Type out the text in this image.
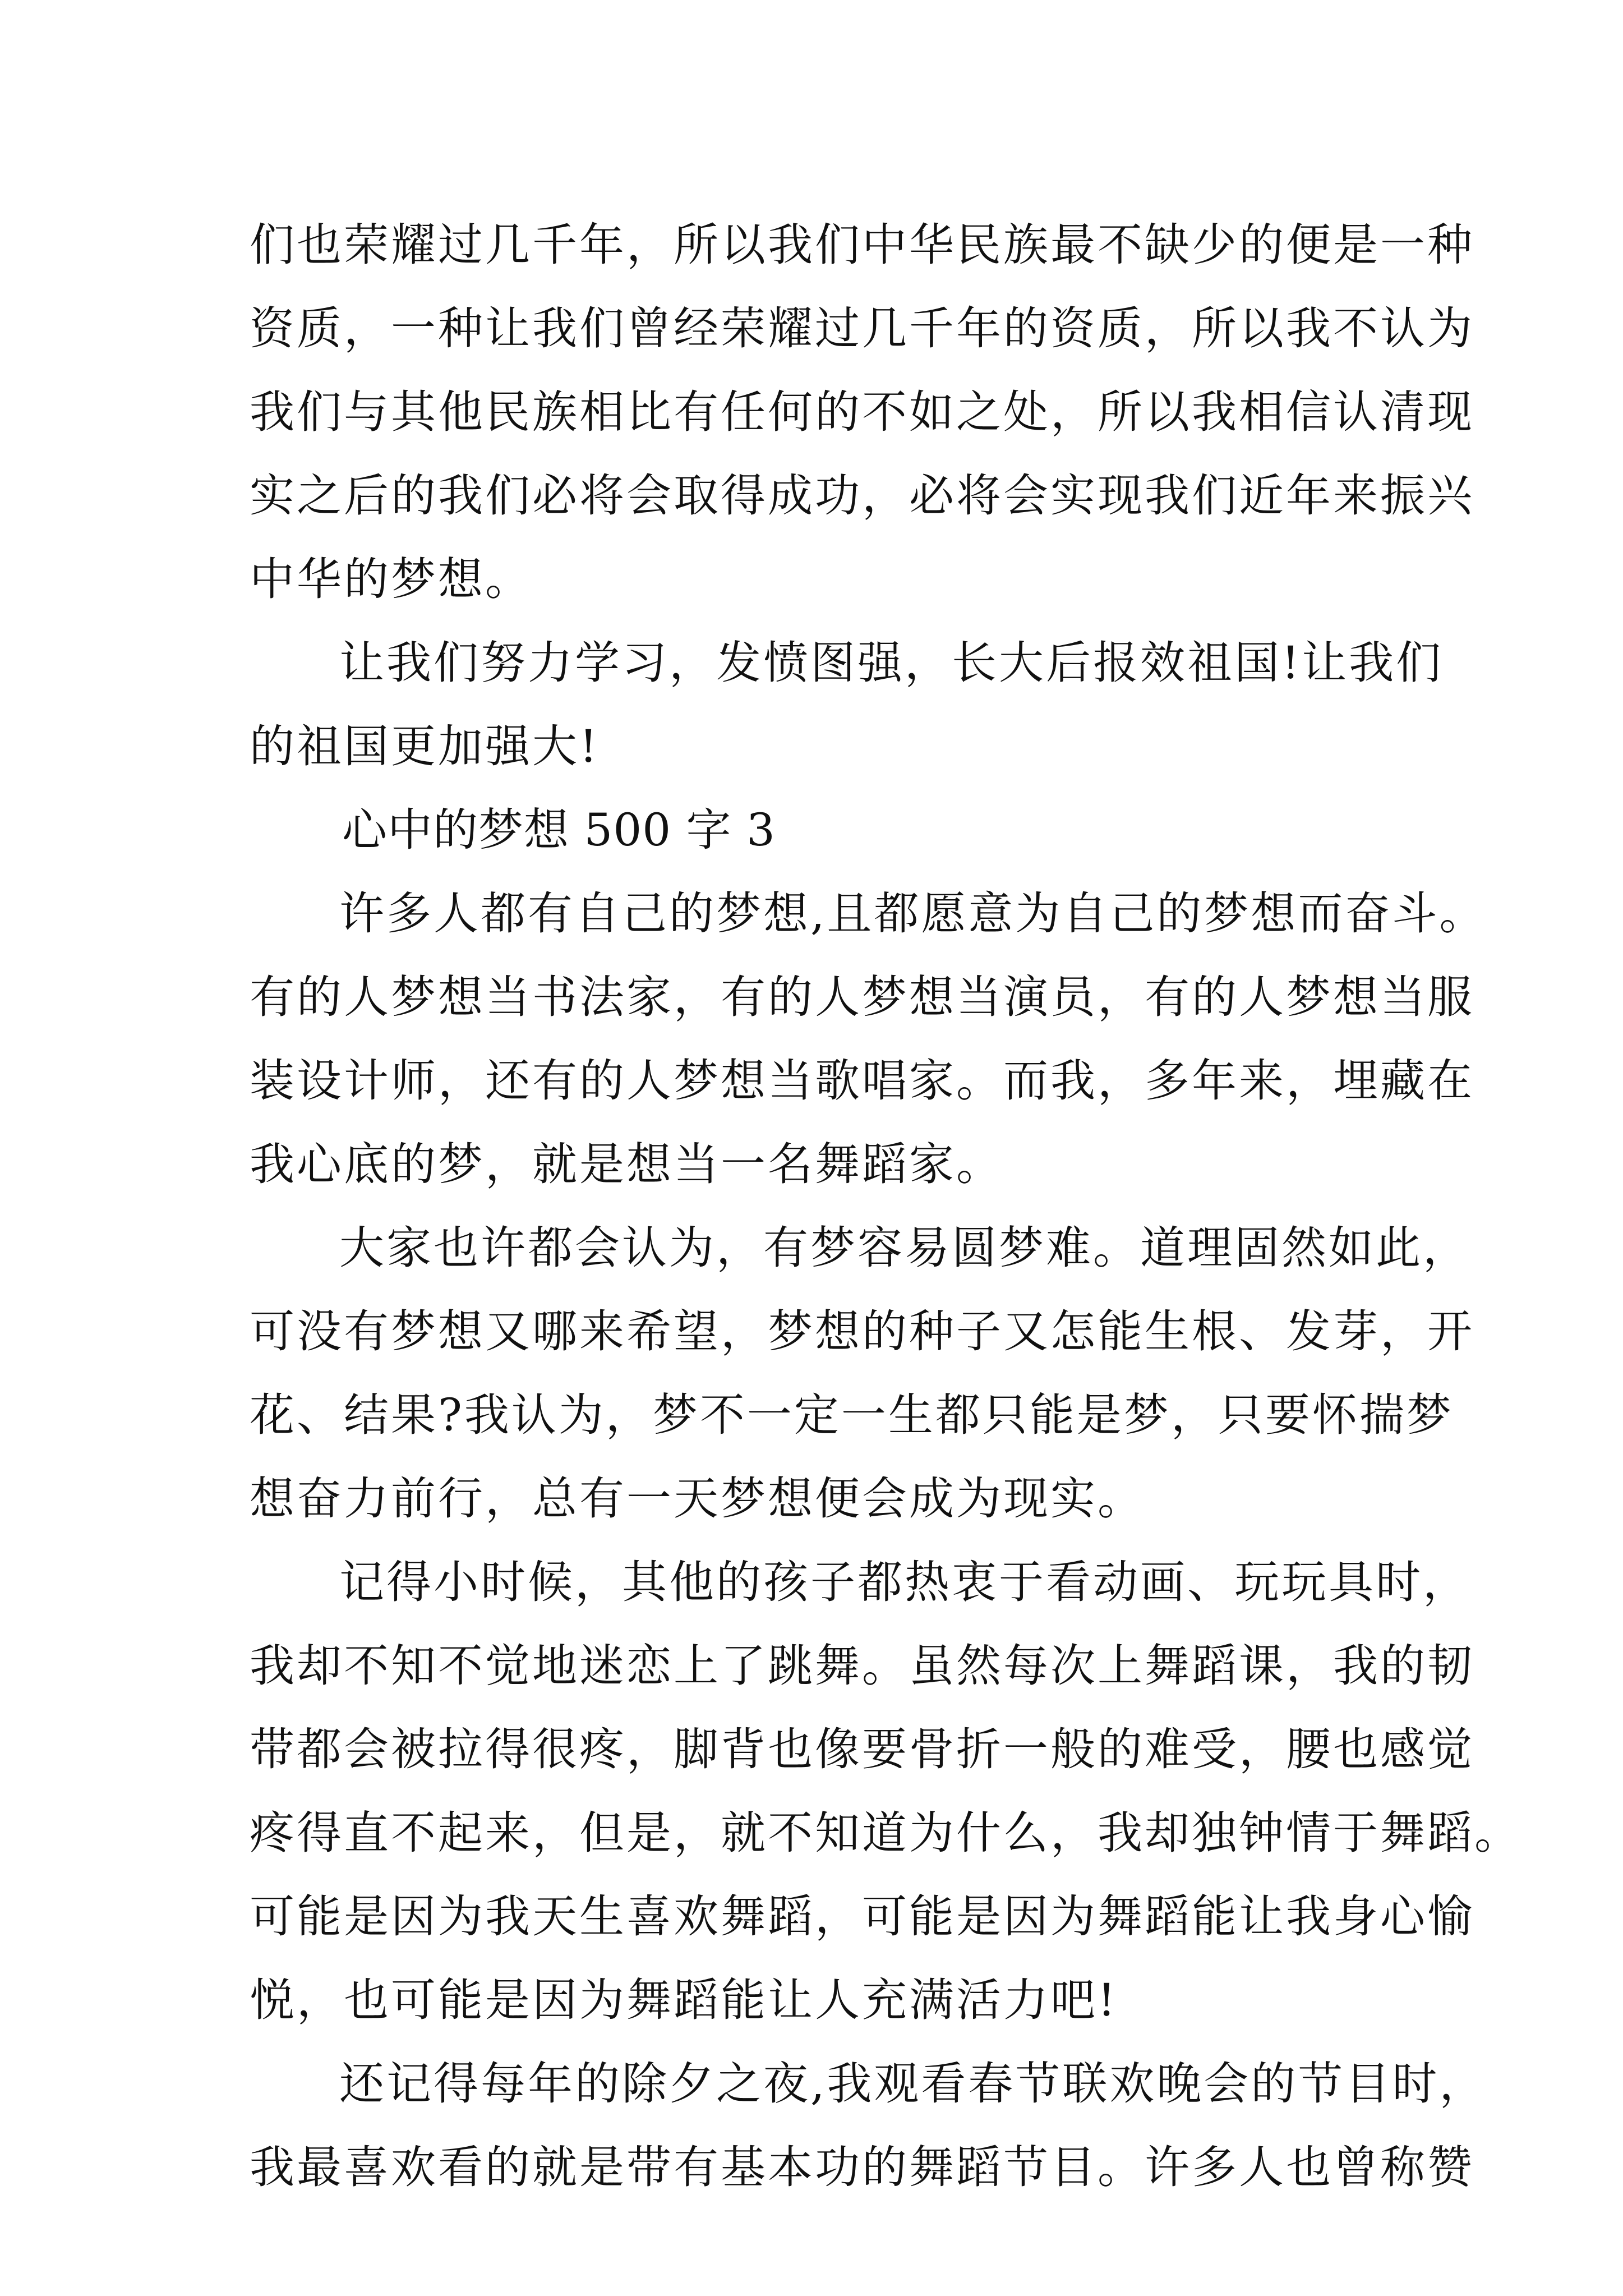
们也荣耀过几千年，所以我们中华民族最不缺少的便是一种
资质，一种让我们曾经荣耀过几千年的资质，所以我不认为
我们与其他民族相比有任何的不如之处，所以我相信认清现
实之后的我们必将会取得成功，必将会实现我们近年来振兴
中华的梦想。
让我们努力学习，发愤图强，长大后报效祖国!让我们
的祖国更加强大!
心中的梦想 500 字 3
许多人都有自己的梦想,且都愿意为自己的梦想而奋斗。
有的人梦想当书法家，有的人梦想当演员，有的人梦想当服
装设计师，还有的人梦想当歌唱家。而我，多年来，埋藏在
我心底的梦，就是想当一名舞蹈家。
大家也许都会认为，有梦容易圆梦难。道理固然如此，
可没有梦想又哪来希望，梦想的种子又怎能生根、发芽，开
花、结果?我认为，梦不一定一生都只能是梦，只要怀揣梦
想奋力前行，总有一天梦想便会成为现实。
记得小时候，其他的孩子都热衷于看动画、玩玩具时，
我却不知不觉地迷恋上了跳舞。虽然每次上舞蹈课，我的韧
带都会被拉得很疼，脚背也像要骨折一般的难受，腰也感觉
疼得直不起来，但是，就不知道为什么，我却独钟情于舞蹈。
可能是因为我天生喜欢舞蹈，可能是因为舞蹈能让我身心愉
悦，也可能是因为舞蹈能让人充满活力吧!
还记得每年的除夕之夜,我观看春节联欢晚会的节目时，
我最喜欢看的就是带有基本功的舞蹈节目。许多人也曾称赞
